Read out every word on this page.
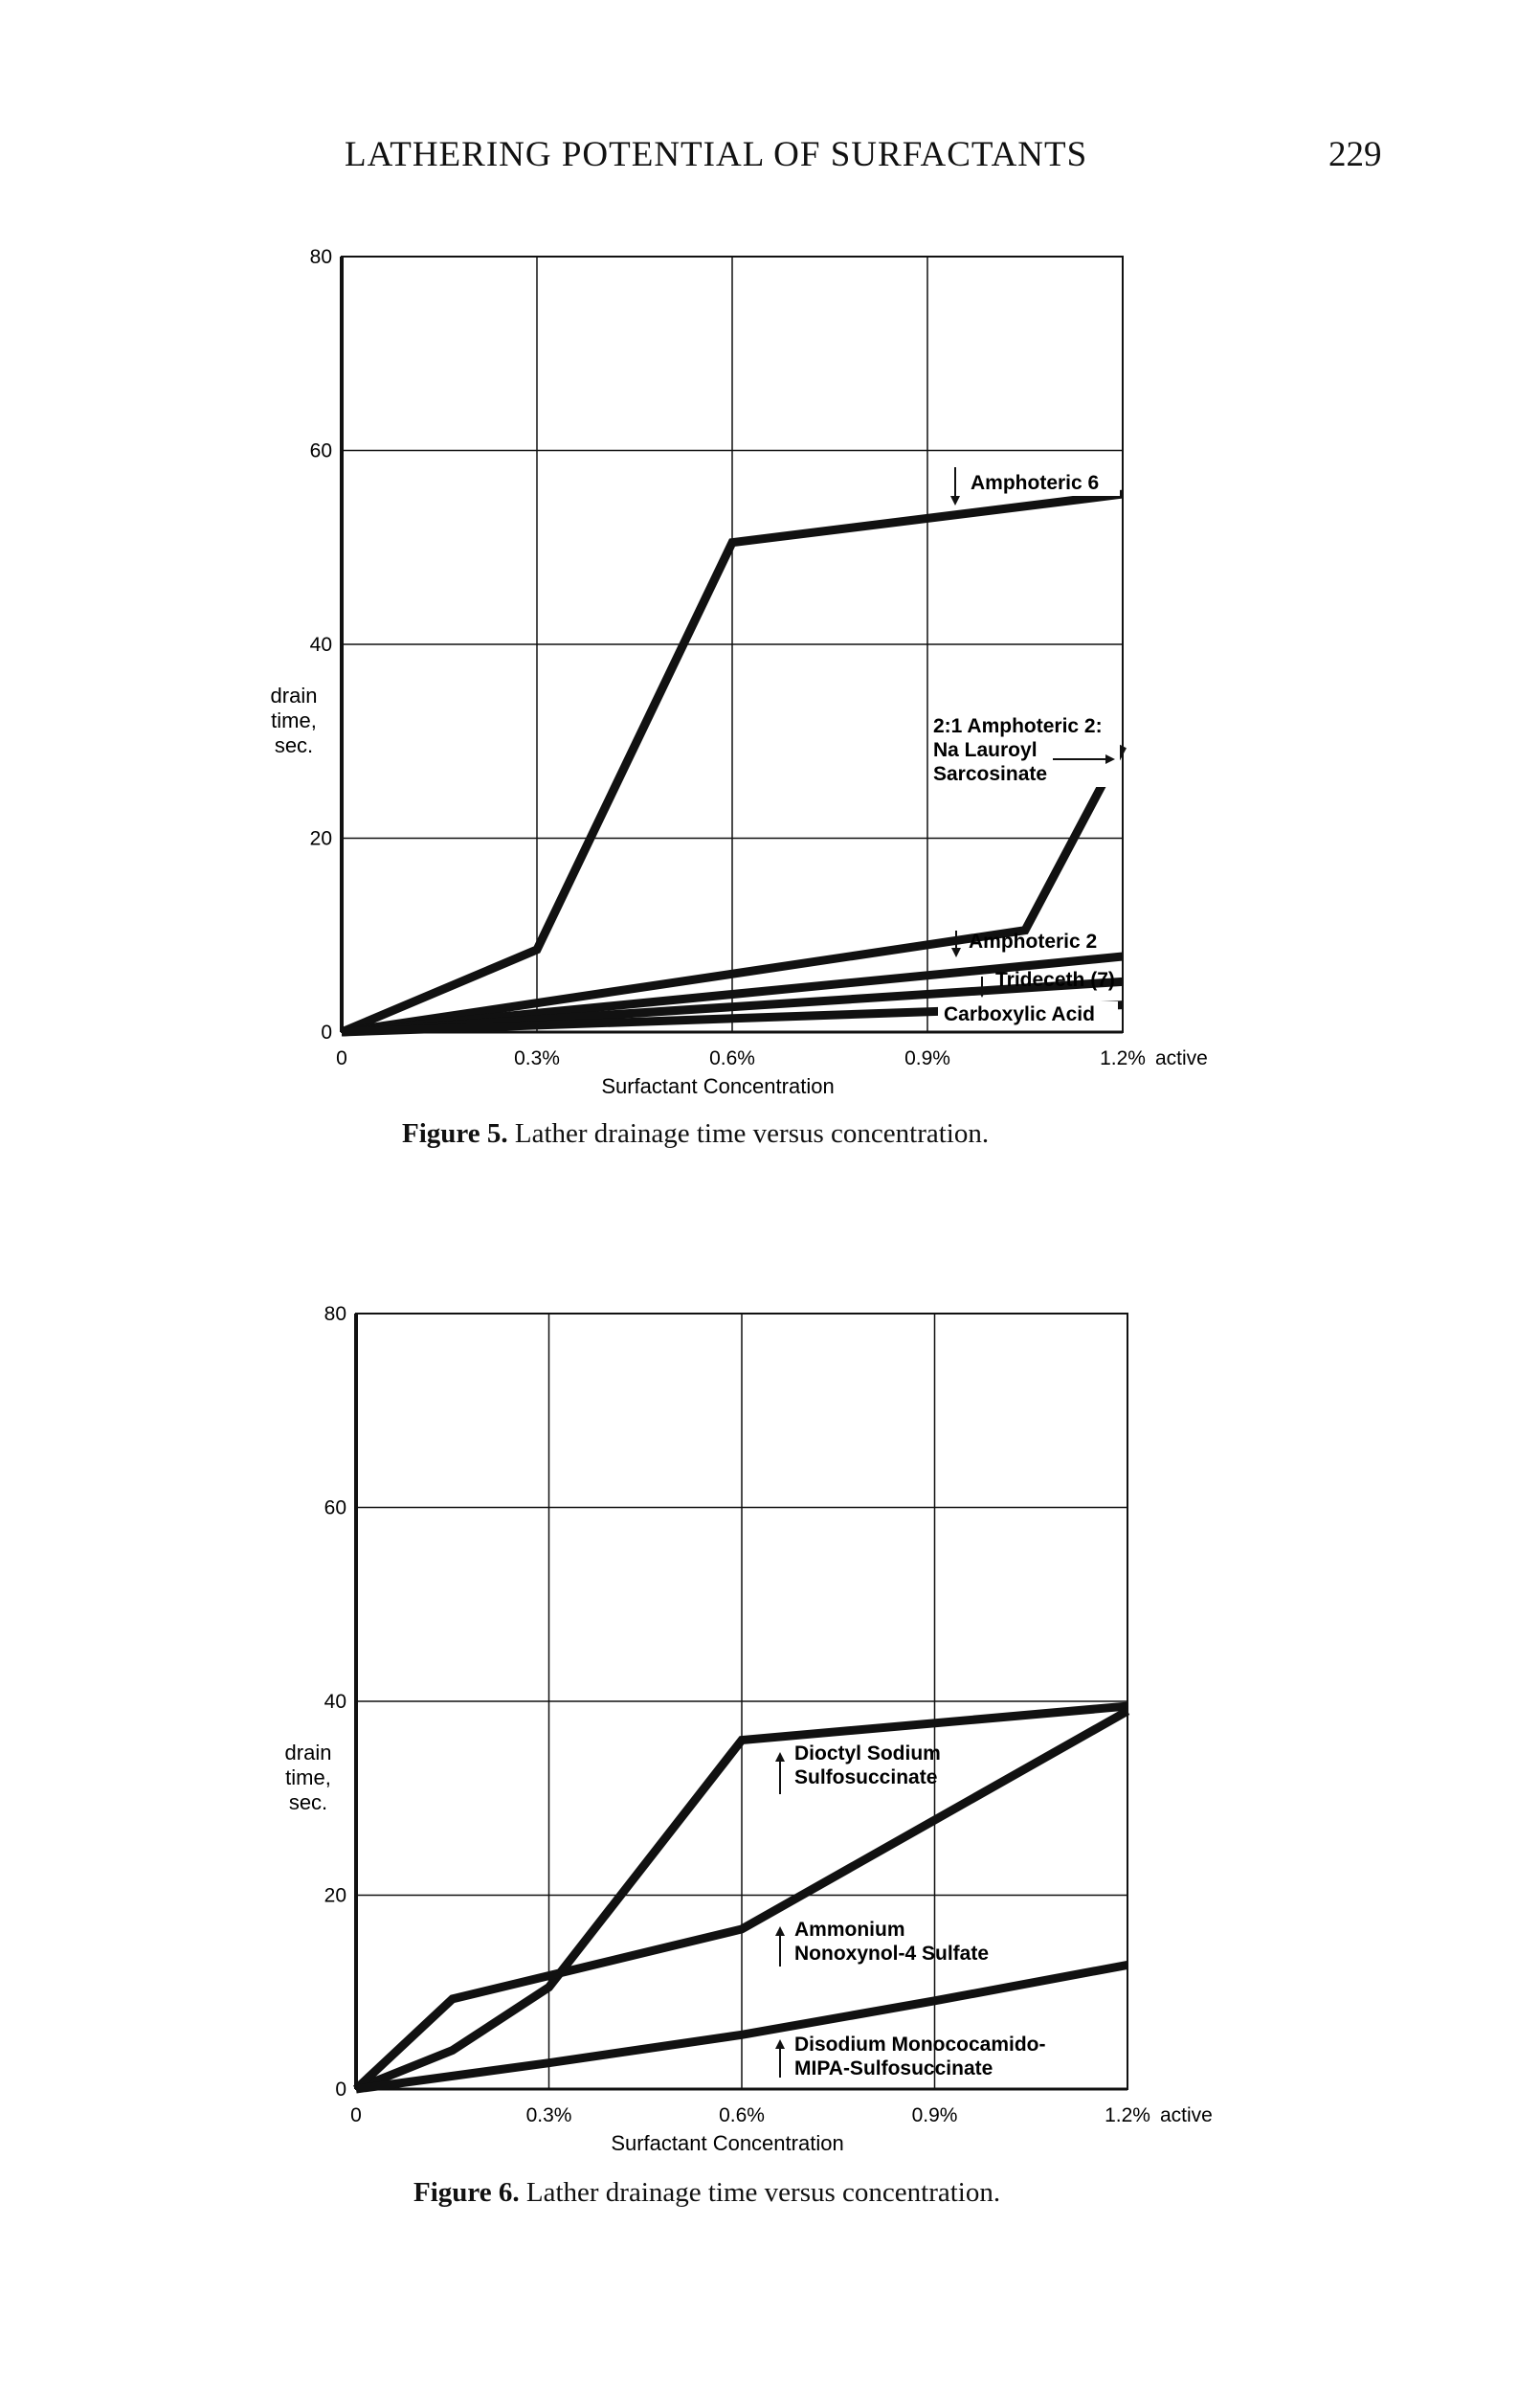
LATHERING POTENTIAL OF SURFACTANTS	229
0
20
40
60
80
0	0.3%	0.6%	0.9%	1.2% active
Surfactant Concentration
drain
time,
sec.
Amphoteric 6
2:1 Amphoteric 2:
Na Lauroyl
Sarcosinate
Amphoteric 2
Trideceth (7)
Carboxylic Acid
Figure 5. Lather drainage time versus concentration.
0
20
40
60
80
0	0.3%	0.6%	0.9%	1.2% active
Surfactant Concentration
drain
time,
sec.
Dioctyl Sodium
Sulfosuccinate
Ammonium
Nonoxynol-4 Sulfate
Disodium Monococamido-
MIPA-Sulfosuccinate
Figure 6. Lather drainage time versus concentration.
